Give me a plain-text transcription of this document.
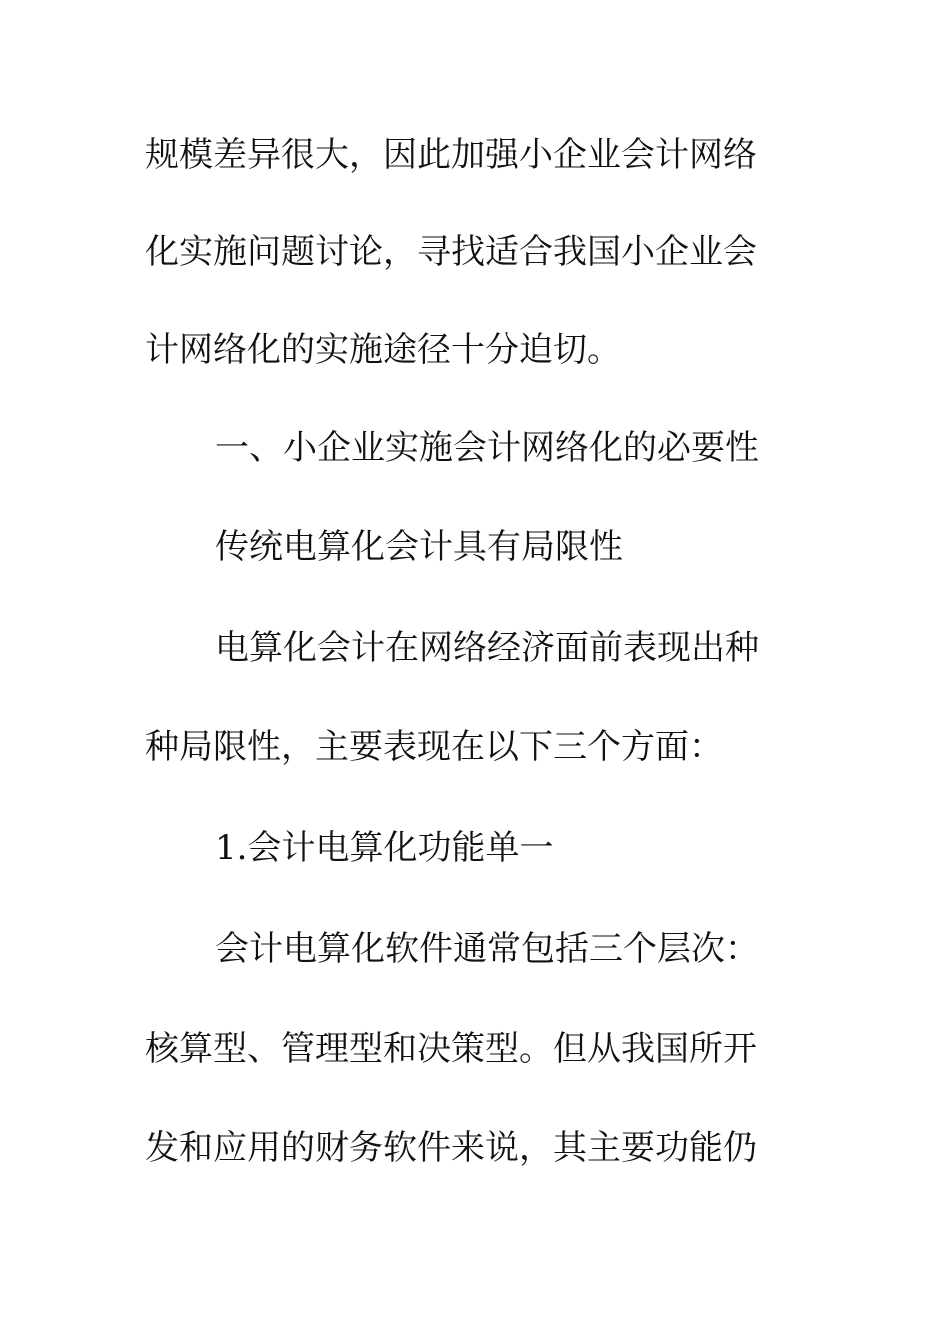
规模差异很大，因此加强小企业会计网络
化实施问题讨论，寻找适合我国小企业会
计网络化的实施途径十分迫切。
一、小企业实施会计网络化的必要性
传统电算化会计具有局限性
电算化会计在网络经济面前表现出种
种局限性，主要表现在以下三个方面：
1.会计电算化功能单一
会计电算化软件通常包括三个层次：
核算型、管理型和决策型。但从我国所开
发和应用的财务软件来说，其主要功能仍
